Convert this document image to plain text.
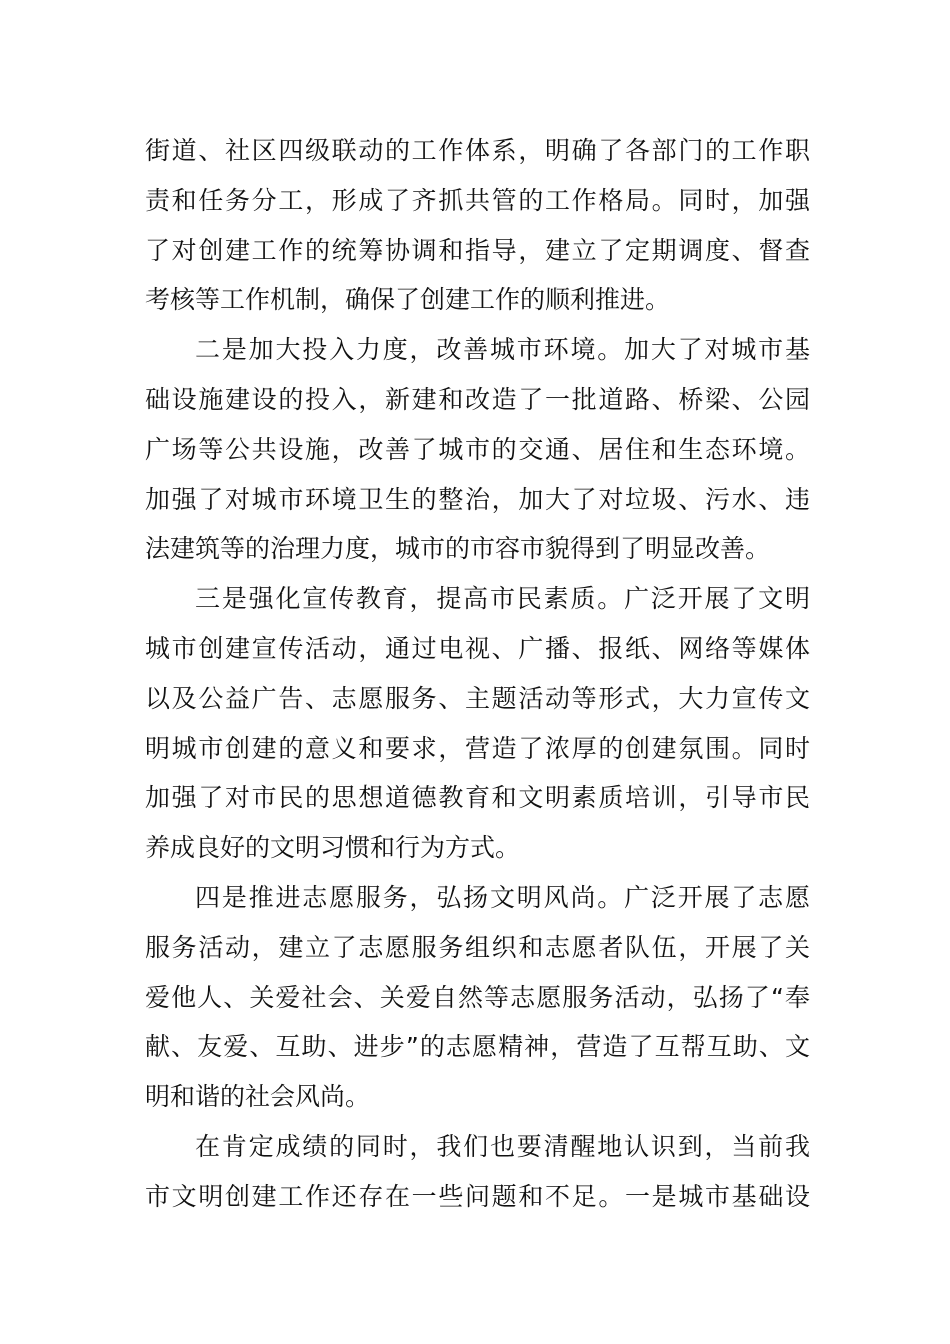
街道、社区四级联动的工作体系，明确了各部门的工作职
责和任务分工，形成了齐抓共管的工作格局。同时，加强
了对创建工作的统筹协调和指导，建立了定期调度、督查
考核等工作机制，确保了创建工作的顺利推进。
二是加大投入力度，改善城市环境。加大了对城市基
础设施建设的投入，新建和改造了一批道路、桥梁、公园
广场等公共设施，改善了城市的交通、居住和生态环境。
加强了对城市环境卫生的整治，加大了对垃圾、污水、违
法建筑等的治理力度，城市的市容市貌得到了明显改善。
三是强化宣传教育，提高市民素质。广泛开展了文明
城市创建宣传活动，通过电视、广播、报纸、网络等媒体
以及公益广告、志愿服务、主题活动等形式，大力宣传文
明城市创建的意义和要求，营造了浓厚的创建氛围。同时
加强了对市民的思想道德教育和文明素质培训，引导市民
养成良好的文明习惯和行为方式。
四是推进志愿服务，弘扬文明风尚。广泛开展了志愿
服务活动，建立了志愿服务组织和志愿者队伍，开展了关
爱他人、关爱社会、关爱自然等志愿服务活动，弘扬了“奉
献、友爱、互助、进步”的志愿精神，营造了互帮互助、文
明和谐的社会风尚。
在肯定成绩的同时，我们也要清醒地认识到，当前我
市文明创建工作还存在一些问题和不足。一是城市基础设
